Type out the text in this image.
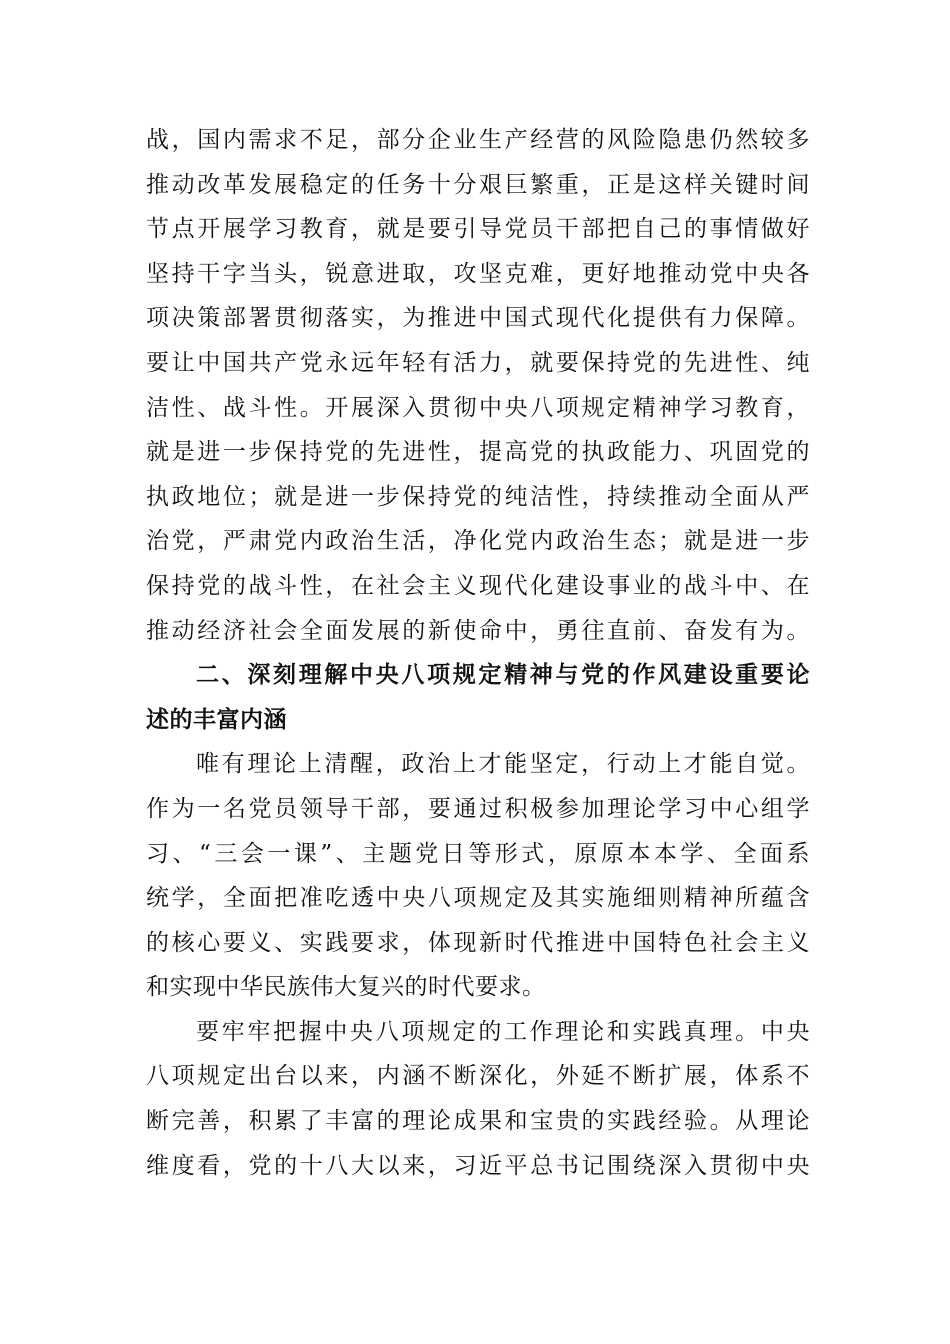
战，国内需求不足，部分企业生产经营的风险隐患仍然较多
推动改革发展稳定的任务十分艰巨繁重，正是这样关键时间
节点开展学习教育，就是要引导党员干部把自己的事情做好
坚持干字当头，锐意进取，攻坚克难，更好地推动党中央各
项决策部署贯彻落实，为推进中国式现代化提供有力保障。
要让中国共产党永远年轻有活力，就要保持党的先进性、纯
洁性、战斗性。开展深入贯彻中央八项规定精神学习教育，
就是进一步保持党的先进性，提高党的执政能力、巩固党的
执政地位；就是进一步保持党的纯洁性，持续推动全面从严
治党，严肃党内政治生活，净化党内政治生态；就是进一步
保持党的战斗性，在社会主义现代化建设事业的战斗中、在
推动经济社会全面发展的新使命中，勇往直前、奋发有为。
二、深刻理解中央八项规定精神与党的作风建设重要论
述的丰富内涵
唯有理论上清醒，政治上才能坚定，行动上才能自觉。
作为一名党员领导干部，要通过积极参加理论学习中心组学
习、“三会一课”、主题党日等形式，原原本本学、全面系
统学，全面把准吃透中央八项规定及其实施细则精神所蕴含
的核心要义、实践要求，体现新时代推进中国特色社会主义
和实现中华民族伟大复兴的时代要求。
要牢牢把握中央八项规定的工作理论和实践真理。中央
八项规定出台以来，内涵不断深化，外延不断扩展，体系不
断完善，积累了丰富的理论成果和宝贵的实践经验。从理论
维度看，党的十八大以来，习近平总书记围绕深入贯彻中央
